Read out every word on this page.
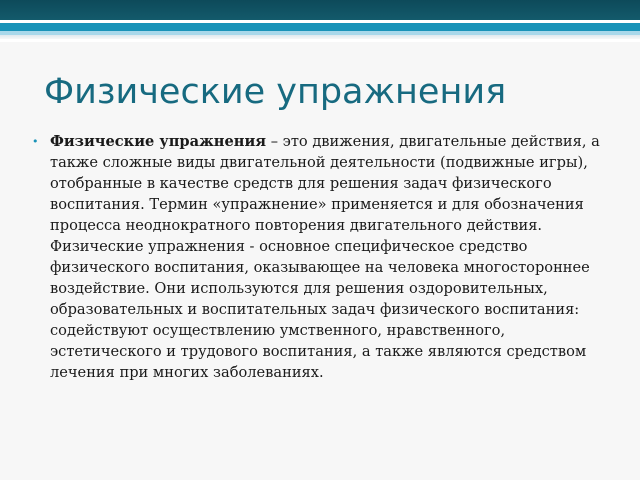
Физические упражнения
• Физические упражнения – это движения, двигательные действия, а также сложные виды двигательной деятельности (подвижные игры), отобранные в качестве средств для решения задач физического воспитания. Термин «упражнение» применяется и для обозначения процесса неоднократного повторения двигательного действия. Физические упражнения - основное специфическое средство физического воспитания, оказывающее на человека многостороннее воздействие. Они используются для решения оздоровительных, образовательных и воспитательных задач физического воспитания: содействуют осуществлению умственного, нравственного, эстетического и трудового воспитания, а также являются средством лечения при многих заболеваниях.
